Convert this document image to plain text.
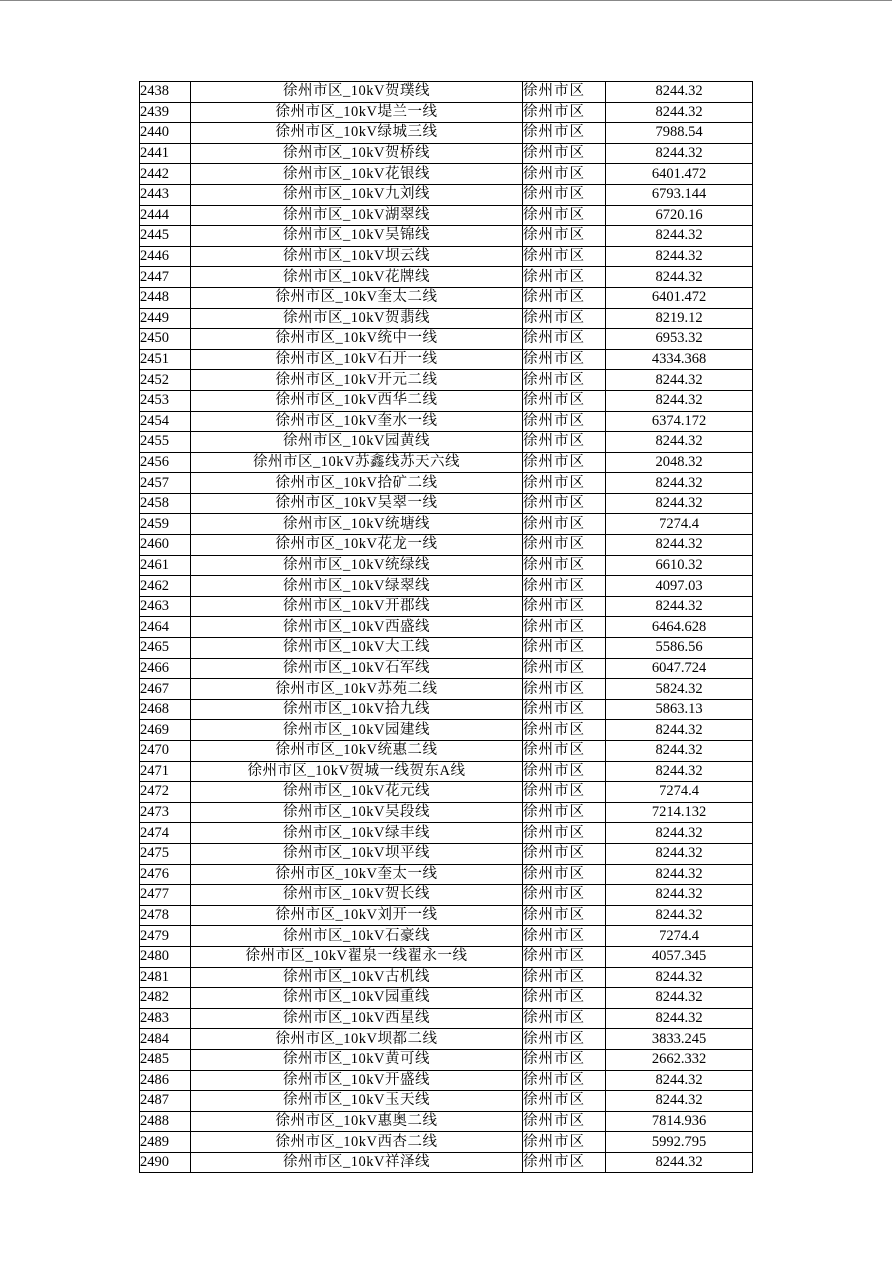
2438	徐州市区_10kV贺璞线	徐州市区	8244.32
2439	徐州市区_10kV堤兰一线	徐州市区	8244.32
2440	徐州市区_10kV绿城三线	徐州市区	7988.54
2441	徐州市区_10kV贺桥线	徐州市区	8244.32
2442	徐州市区_10kV花银线	徐州市区	6401.472
2443	徐州市区_10kV九刘线	徐州市区	6793.144
2444	徐州市区_10kV湖翠线	徐州市区	6720.16
2445	徐州市区_10kV吴锦线	徐州市区	8244.32
2446	徐州市区_10kV坝云线	徐州市区	8244.32
2447	徐州市区_10kV花牌线	徐州市区	8244.32
2448	徐州市区_10kV奎太二线	徐州市区	6401.472
2449	徐州市区_10kV贺翡线	徐州市区	8219.12
2450	徐州市区_10kV统中一线	徐州市区	6953.32
2451	徐州市区_10kV石开一线	徐州市区	4334.368
2452	徐州市区_10kV开元二线	徐州市区	8244.32
2453	徐州市区_10kV西华二线	徐州市区	8244.32
2454	徐州市区_10kV奎水一线	徐州市区	6374.172
2455	徐州市区_10kV园黄线	徐州市区	8244.32
2456	徐州市区_10kV苏鑫线苏天六线	徐州市区	2048.32
2457	徐州市区_10kV拾矿二线	徐州市区	8244.32
2458	徐州市区_10kV吴翠一线	徐州市区	8244.32
2459	徐州市区_10kV统塘线	徐州市区	7274.4
2460	徐州市区_10kV花龙一线	徐州市区	8244.32
2461	徐州市区_10kV统绿线	徐州市区	6610.32
2462	徐州市区_10kV绿翠线	徐州市区	4097.03
2463	徐州市区_10kV开郡线	徐州市区	8244.32
2464	徐州市区_10kV西盛线	徐州市区	6464.628
2465	徐州市区_10kV大工线	徐州市区	5586.56
2466	徐州市区_10kV石军线	徐州市区	6047.724
2467	徐州市区_10kV苏苑二线	徐州市区	5824.32
2468	徐州市区_10kV拾九线	徐州市区	5863.13
2469	徐州市区_10kV园建线	徐州市区	8244.32
2470	徐州市区_10kV统惠二线	徐州市区	8244.32
2471	徐州市区_10kV贺城一线贺东A线	徐州市区	8244.32
2472	徐州市区_10kV花元线	徐州市区	7274.4
2473	徐州市区_10kV吴段线	徐州市区	7214.132
2474	徐州市区_10kV绿丰线	徐州市区	8244.32
2475	徐州市区_10kV坝平线	徐州市区	8244.32
2476	徐州市区_10kV奎太一线	徐州市区	8244.32
2477	徐州市区_10kV贺长线	徐州市区	8244.32
2478	徐州市区_10kV刘开一线	徐州市区	8244.32
2479	徐州市区_10kV石豪线	徐州市区	7274.4
2480	徐州市区_10kV翟泉一线翟永一线	徐州市区	4057.345
2481	徐州市区_10kV古机线	徐州市区	8244.32
2482	徐州市区_10kV园重线	徐州市区	8244.32
2483	徐州市区_10kV西星线	徐州市区	8244.32
2484	徐州市区_10kV坝都二线	徐州市区	3833.245
2485	徐州市区_10kV黄可线	徐州市区	2662.332
2486	徐州市区_10kV开盛线	徐州市区	8244.32
2487	徐州市区_10kV玉天线	徐州市区	8244.32
2488	徐州市区_10kV惠奥二线	徐州市区	7814.936
2489	徐州市区_10kV西杏二线	徐州市区	5992.795
2490	徐州市区_10kV祥泽线	徐州市区	8244.32
